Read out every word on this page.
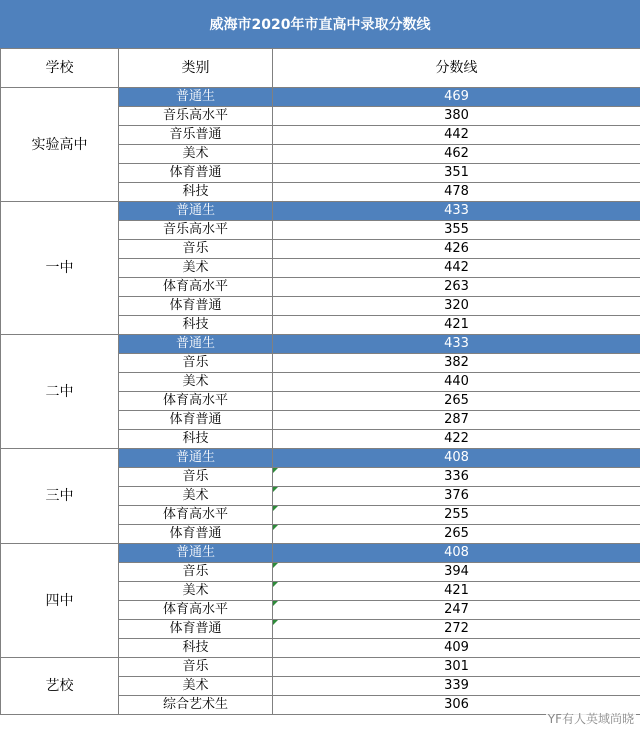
威海市2020年市直高中录取分数线
学校	类别	分数线
实验高中	普通生	469
	音乐高水平	380
	音乐普通	442
	美术	462
	体育普通	351
	科技	478
一中	普通生	433
	音乐高水平	355
	音乐	426
	美术	442
	体育高水平	263
	体育普通	320
	科技	421
二中	普通生	433
	音乐	382
	美术	440
	体育高水平	265
	体育普通	287
	科技	422
三中	普通生	408
	音乐	336
	美术	376
	体育高水平	255
	体育普通	265
四中	普通生	408
	音乐	394
	美术	421
	体育高水平	247
	体育普通	272
	科技	409
艺校	音乐	301
	美术	339
	综合艺术生	306
YF有人英域尚晓
